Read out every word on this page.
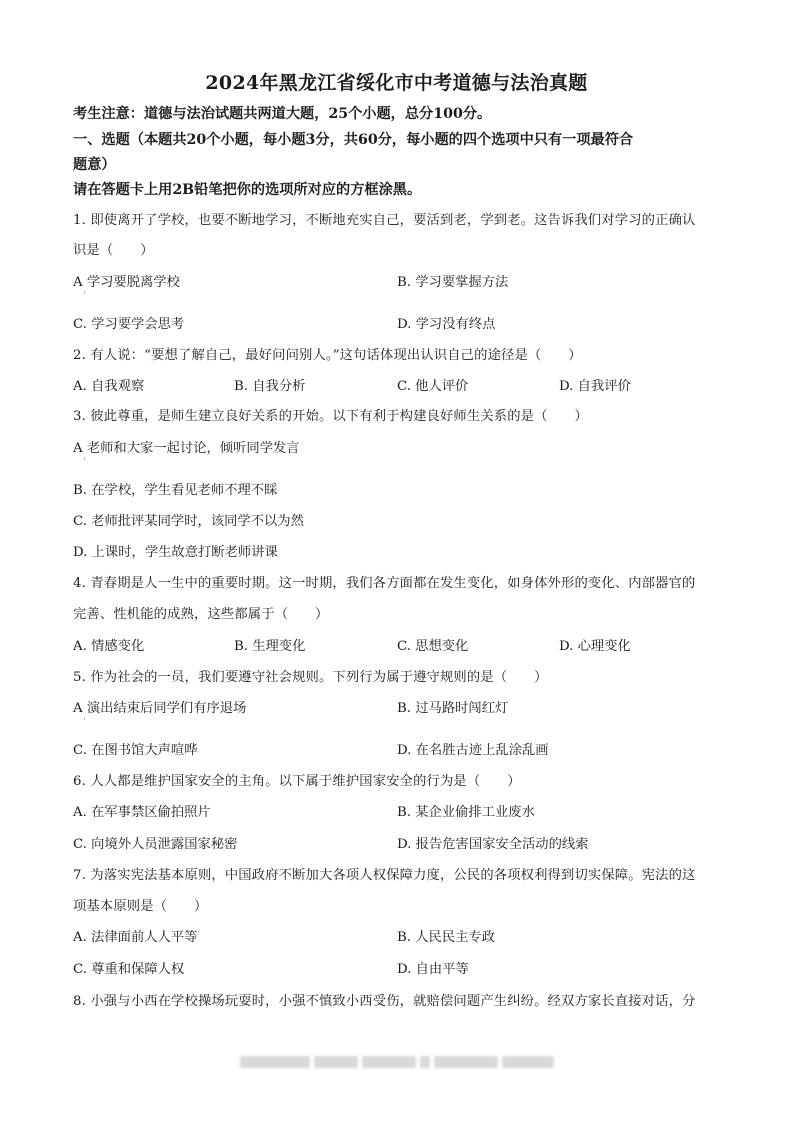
2024年黑龙江省绥化市中考道德与法治真题
考生注意：道德与法治试题共两道大题，25个小题，总分100分。
一、选题（本题共20个小题，每小题3分，共60分，每小题的四个选项中只有一项最符合
题意）
请在答题卡上用2B铅笔把你的选项所对应的方框涂黑。
1. 即使离开了学校，也要不断地学习，不断地充实自己，要活到老，学到老。这告诉我们对学习的正确认
识是（　　）
A 学习要脱离学校	B. 学习要掌握方法
C. 学习要学会思考	D. 学习没有终点
2. 有人说：“要想了解自己，最好问问别人。”这句话体现出认识自己的途径是（　　）
A. 自我观察	B. 自我分析	C. 他人评价	D. 自我评价
3. 彼此尊重，是师生建立良好关系的开始。以下有利于构建良好师生关系的是（　　）
A 老师和大家一起讨论，倾听同学发言
B. 在学校，学生看见老师不理不睬
C. 老师批评某同学时，该同学不以为然
D. 上课时，学生故意打断老师讲课
4. 青春期是人一生中的重要时期。这一时期，我们各方面都在发生变化，如身体外形的变化、内部器官的
完善、性机能的成熟，这些都属于（　　）
A. 情感变化	B. 生理变化	C. 思想变化	D. 心理变化
5. 作为社会的一员，我们要遵守社会规则。下列行为属于遵守规则的是（　　）
A 演出结束后同学们有序退场	B. 过马路时闯红灯
C. 在图书馆大声喧哗	D. 在名胜古迹上乱涂乱画
6. 人人都是维护国家安全的主角。以下属于维护国家安全的行为是（　　）
A. 在军事禁区偷拍照片	B. 某企业偷排工业废水
C. 向境外人员泄露国家秘密	D. 报告危害国家安全活动的线索
7. 为落实宪法基本原则，中国政府不断加大各项人权保障力度，公民的各项权利得到切实保障。宪法的这
项基本原则是（　　）
A. 法律面前人人平等	B. 人民民主专政
C. 尊重和保障人权	D. 自由平等
8. 小强与小西在学校操场玩耍时，小强不慎致小西受伤，就赔偿问题产生纠纷。经双方家长直接对话，分
